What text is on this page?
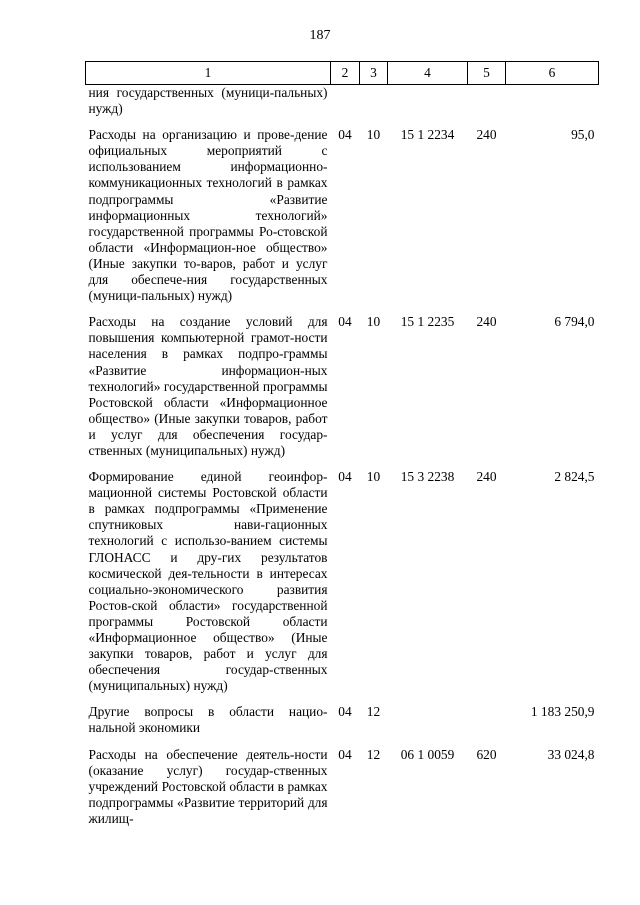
187
1	2	3	4	5	6
ния государственных (муници-пальных) нужд)					
Расходы на организацию и прове-дение официальных мероприятий с использованием информационно-коммуникационных технологий в рамках подпрограммы «Развитие информационных технологий» государственной программы Ро-стовской области «Информацион-ное общество» (Иные закупки то-варов, работ и услуг для обеспече-ния государственных (муници-пальных) нужд)	04	10	15 1 2234	240	95,0
Расходы на создание условий для повышения компьютерной грамот-ности населения в рамках подпро-граммы «Развитие информацион-ных технологий» государственной программы Ростовской области «Информационное общество» (Иные закупки товаров, работ и услуг для обеспечения государ-ственных (муниципальных) нужд)	04	10	15 1 2235	240	6 794,0
Формирование единой геоинфор-мационной системы Ростовской области в рамках подпрограммы «Применение спутниковых нави-гационных технологий с использо-ванием системы ГЛОНАСС и дру-гих результатов космической дея-тельности в интересах социально-экономического развития Ростов-ской области» государственной программы Ростовской области «Информационное общество» (Иные закупки товаров, работ и услуг для обеспечения государ-ственных (муниципальных) нужд)	04	10	15 3 2238	240	2 824,5
Другие вопросы в области нацио-нальной экономики	04	12			1 183 250,9
Расходы на обеспечение деятель-ности (оказание услуг) государ-ственных учреждений Ростовской области в рамках подпрограммы «Развитие территорий для жилищ-	04	12	06 1 0059	620	33 024,8
